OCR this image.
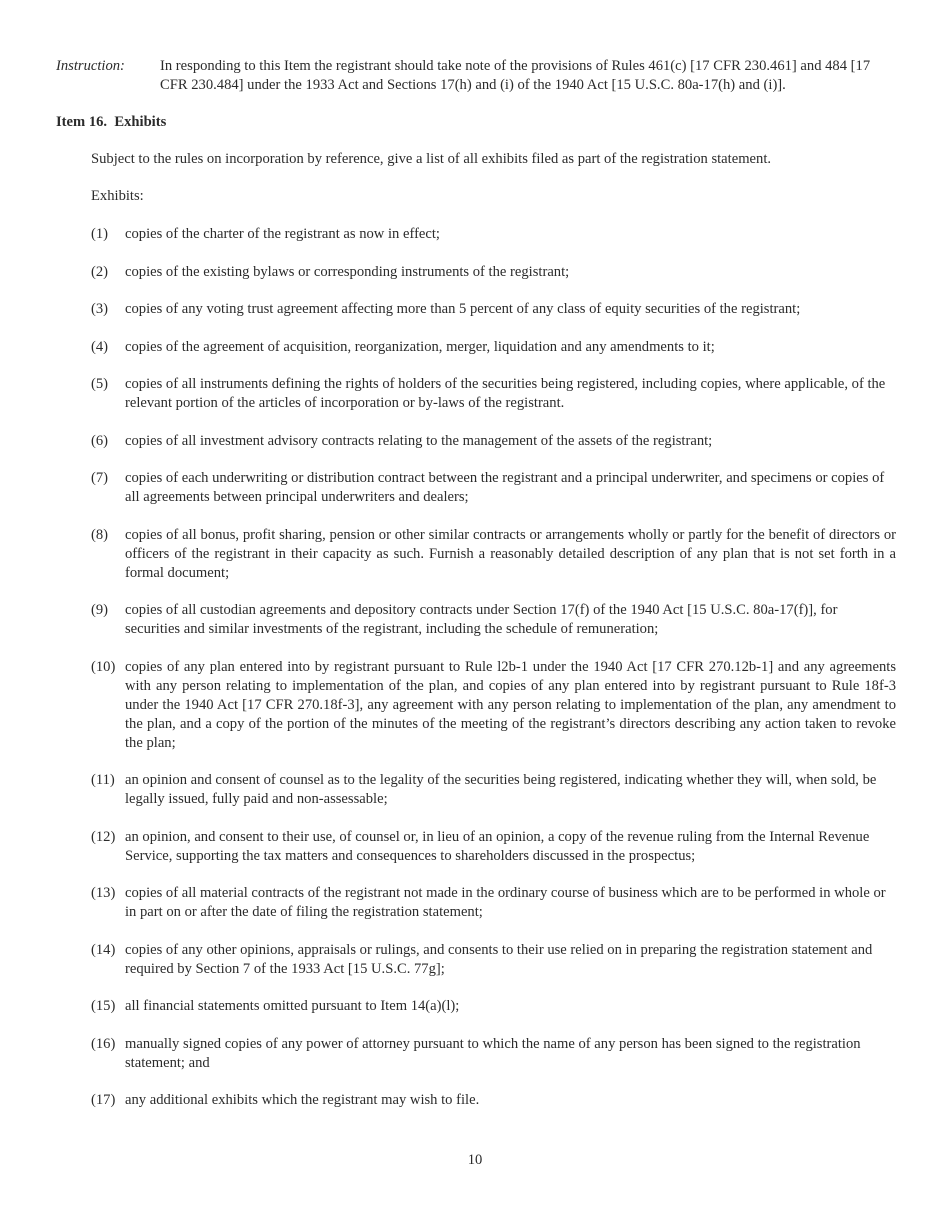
Instruction:	In responding to this Item the registrant should take note of the provisions of Rules 461(c) [17 CFR 230.461] and 484 [17 CFR 230.484] under the 1933 Act and Sections 17(h) and (i) of the 1940 Act [15 U.S.C. 80a-17(h) and (i)].
Item 16.  Exhibits
Subject to the rules on incorporation by reference, give a list of all exhibits filed as part of the registration statement.
Exhibits:
(1)	copies of the charter of the registrant as now in effect;
(2)	copies of the existing bylaws or corresponding instruments of the registrant;
(3)	copies of any voting trust agreement affecting more than 5 percent of any class of equity securities of the registrant;
(4)	copies of the agreement of acquisition, reorganization, merger, liquidation and any amendments to it;
(5)	copies of all instruments defining the rights of holders of the securities being registered, including copies, where applicable, of the relevant portion of the articles of incorporation or by-laws of the registrant.
(6)	copies of all investment advisory contracts relating to the management of the assets of the registrant;
(7)	copies of each underwriting or distribution contract between the registrant and a principal underwriter, and specimens or copies of all agreements between principal underwriters and dealers;
(8)	copies of all bonus, profit sharing, pension or other similar contracts or arrangements wholly or partly for the benefit of directors or officers of the registrant in their capacity as such. Furnish a reasonably detailed description of any plan that is not set forth in a formal document;
(9)	copies of all custodian agreements and depository contracts under Section 17(f) of the 1940 Act [15 U.S.C. 80a-17(f)], for securities and similar investments of the registrant, including the schedule of remuneration;
(10) copies of any plan entered into by registrant pursuant to Rule l2b-1 under the 1940 Act [17 CFR 270.12b-1] and any agreements with any person relating to implementation of the plan, and copies of any plan entered into by registrant pursuant to Rule 18f-3 under the 1940 Act [17 CFR 270.18f-3], any agreement with any person relating to implementation of the plan, any amendment to the plan, and a copy of the portion of the minutes of the meeting of the registrant’s directors describing any action taken to revoke the plan;
(11) an opinion and consent of counsel as to the legality of the securities being registered, indicating whether they will, when sold, be legally issued, fully paid and non-assessable;
(12) an opinion, and consent to their use, of counsel or, in lieu of an opinion, a copy of the revenue ruling from the Internal Revenue Service, supporting the tax matters and consequences to shareholders discussed in the prospectus;
(13) copies of all material contracts of the registrant not made in the ordinary course of business which are to be performed in whole or in part on or after the date of filing the registration statement;
(14) copies of any other opinions, appraisals or rulings, and consents to their use relied on in preparing the registration statement and required by Section 7 of the 1933 Act [15 U.S.C. 77g];
(15) all financial statements omitted pursuant to Item 14(a)(l);
(16) manually signed copies of any power of attorney pursuant to which the name of any person has been signed to the registration statement; and
(17) any additional exhibits which the registrant may wish to file.
10
